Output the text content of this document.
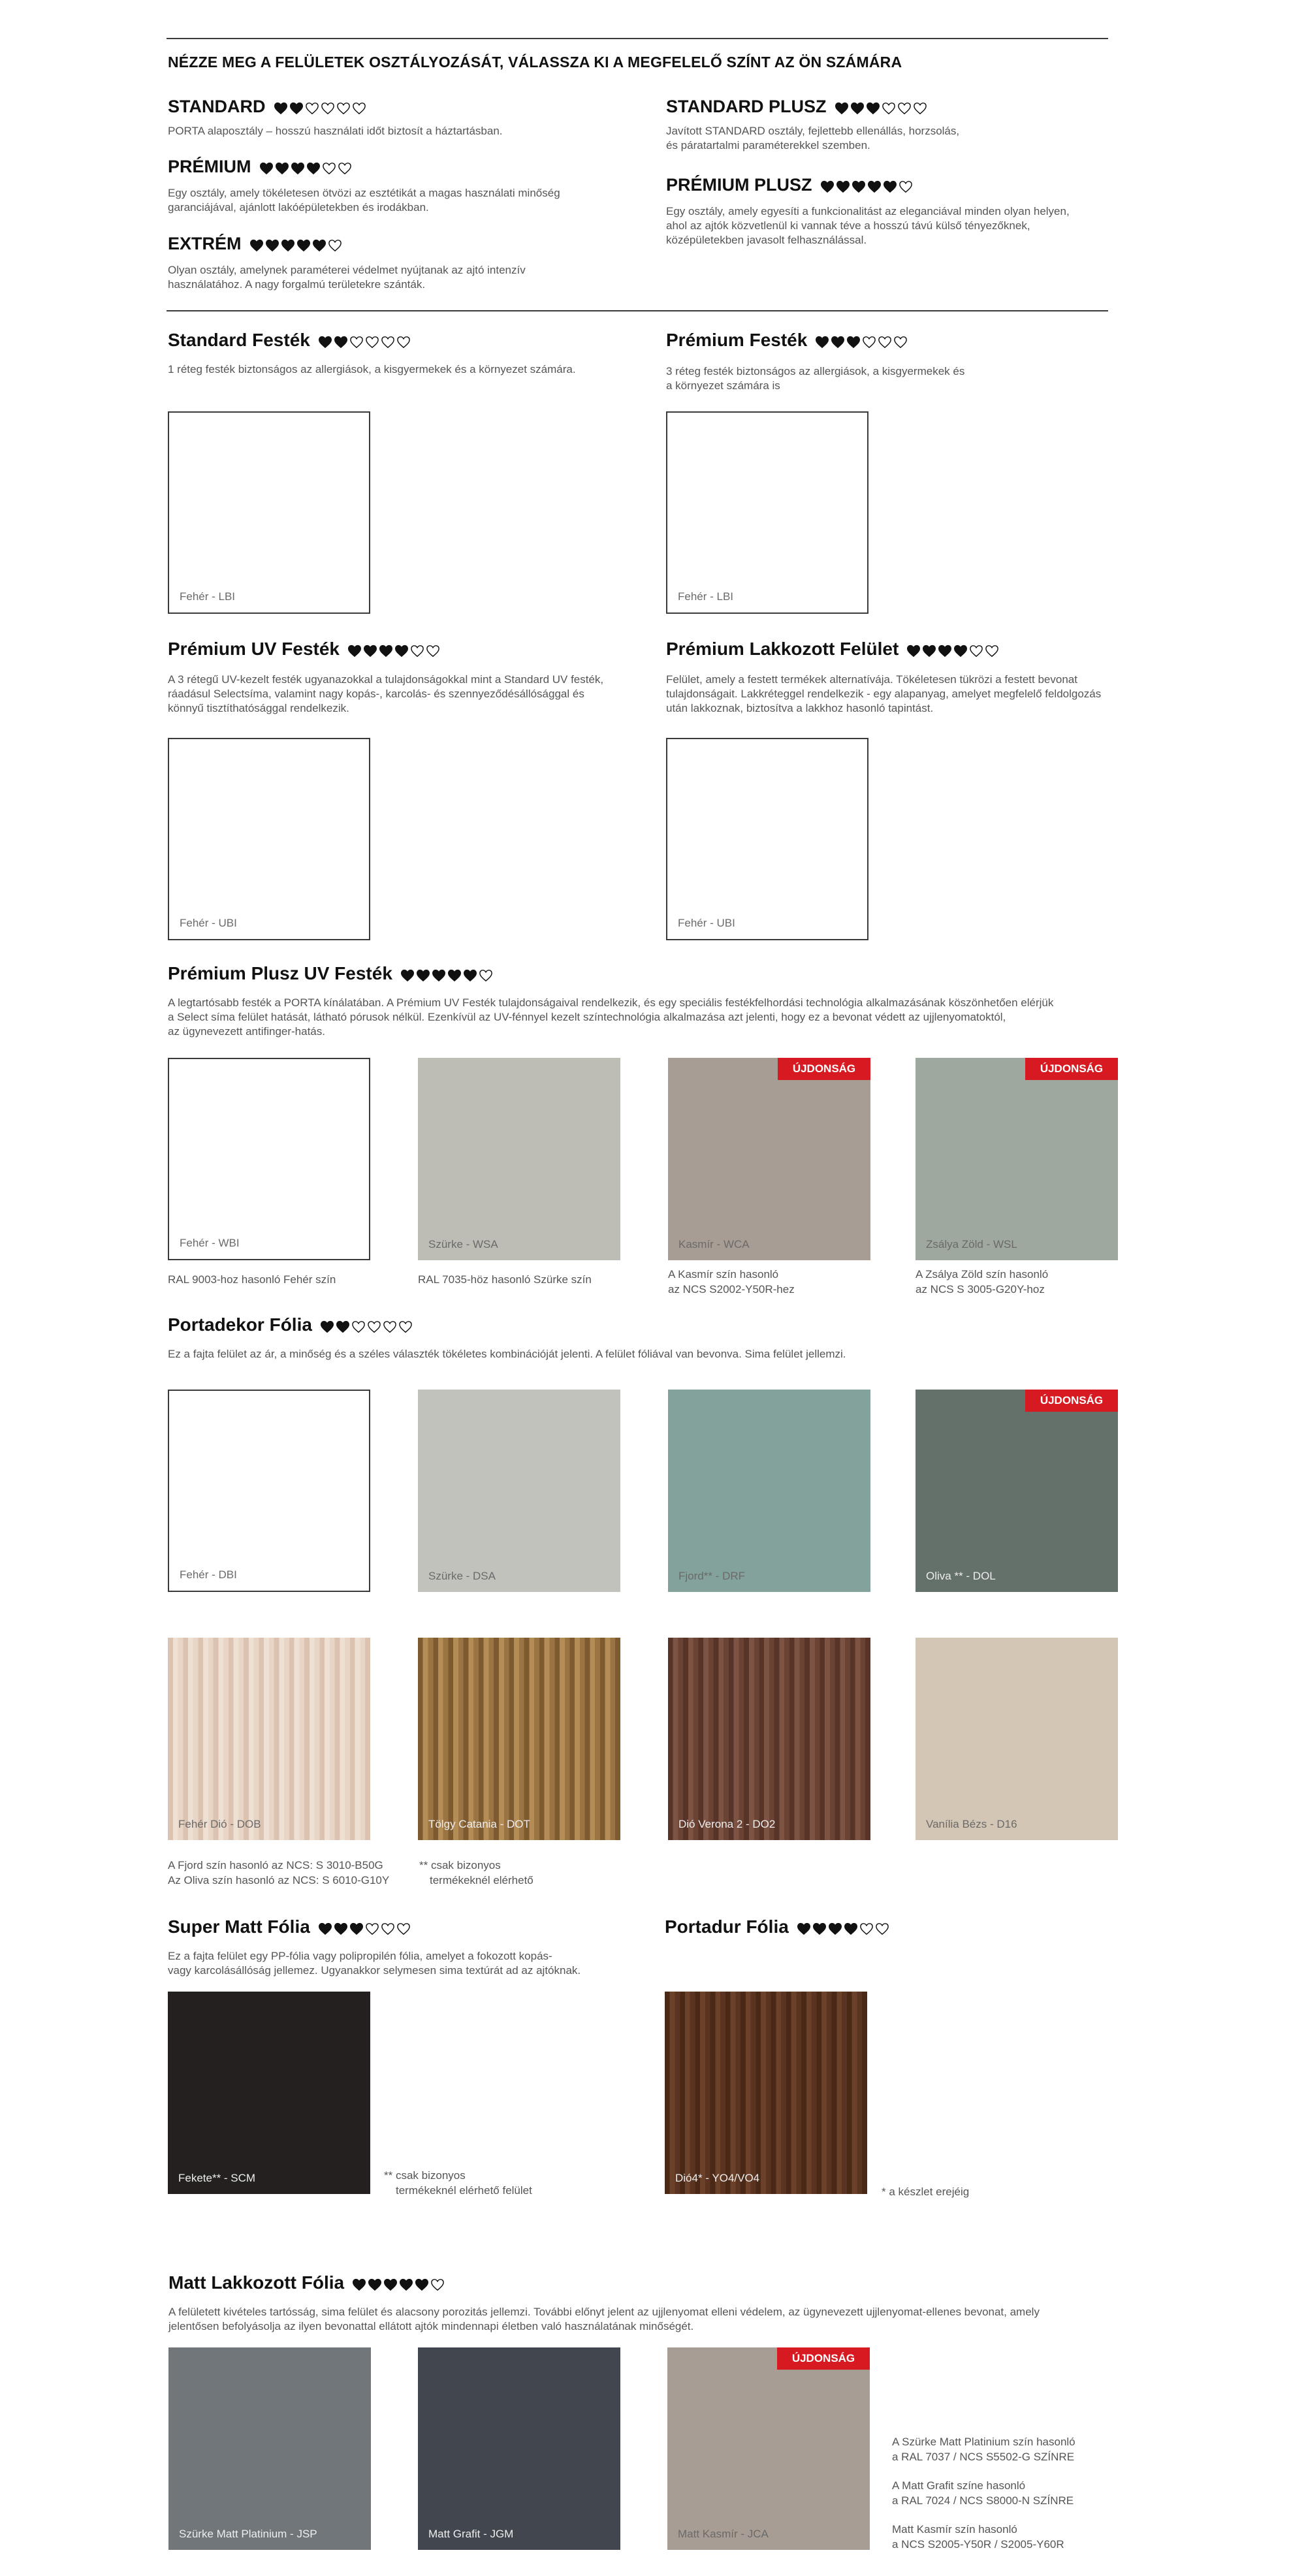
NÉZZE MEG A FELÜLETEK OSZTÁLYOZÁSÁT, VÁLASSZA KI A MEGFELELŐ SZÍNT AZ ÖN SZÁMÁRA
STANDARD
PORTA alaposztály – hosszú használati időt biztosít a háztartásban.
PRÉMIUM
Egy osztály, amely tökéletesen ötvözi az esztétikát a magas használati minőség
garanciájával, ajánlott lakóépületekben és irodákban.
EXTRÉM
Olyan osztály, amelynek paraméterei védelmet nyújtanak az ajtó intenzív
használatához. A nagy forgalmú területekre szánták.
STANDARD PLUSZ
Javított STANDARD osztály, fejlettebb ellenállás, horzsolás,
és páratartalmi paraméterekkel szemben.
PRÉMIUM PLUSZ
Egy osztály, amely egyesíti a funkcionalitást az eleganciával minden olyan helyen,
ahol az ajtók közvetlenül ki vannak téve a hosszú távú külső tényezőknek,
középületekben javasolt felhasználással.
Standard Festék
1 réteg festék biztonságos az allergiások, a kisgyermekek és a környezet számára.
Fehér - LBI
Prémium Festék
3 réteg festék biztonságos az allergiások, a kisgyermekek és
a környezet számára is
Fehér - LBI
Prémium UV Festék
A 3 rétegű UV-kezelt festék ugyanazokkal a tulajdonságokkal mint a Standard UV festék,
ráadásul Selectsíma, valamint nagy kopás-, karcolás- és szennyeződésállósággal és
könnyű tisztíthatósággal rendelkezik.
Fehér - UBI
Prémium Lakkozott Felület
Felület, amely a festett termékek alternatívája. Tökéletesen tükrözi a festett bevonat
tulajdonságait. Lakkréteggel rendelkezik - egy alapanyag, amelyet megfelelő feldolgozás
után lakkoznak, biztosítva a lakkhoz hasonló tapintást.
Fehér - UBI
Prémium Plusz UV Festék
A legtartósabb festék a PORTA kínálatában. A Prémium UV Festék tulajdonságaival rendelkezik, és egy speciális festékfelhordási technológia alkalmazásának köszönhetően elérjük
a Select síma felület hatását, látható pórusok nélkül. Ezenkívül az UV-fénnyel kezelt színtechnológia alkalmazása azt jelenti, hogy ez a bevonat védett az ujjlenyomatoktól,
az ügynevezett antifinger-hatás.
Fehér - WBI	Szürke - WSA
ÚJDONSÁG
Kasmír - WCA
ÚJDONSÁG
Zsálya Zöld - WSL
RAL 9003-hoz hasonló Fehér szín	RAL 7035-höz hasonló Szürke szín	A Kasmír szín hasonló
az NCS S2002-Y50R-hez
A Zsálya Zöld szín hasonló
az NCS S 3005-G20Y-hoz
Portadekor Fólia
Ez a fajta felület az ár, a minőség és a széles választék tökéletes kombinációját jelenti. A felület fóliával van bevonva. Sima felület jellemzi.
Fehér - DBI	Szürke - DSA	Fjord** - DRF
ÚJDONSÁG
Oliva ** - DOL
Fehér Dió - DOB	Tölgy Catania - DOT	Dió Verona 2 - DO2	Vanília Bézs - D16
A Fjord szín hasonló az NCS: S 3010-B50G
Az Oliva szín hasonló az NCS: S 6010-G10Y
** csak bizonyos
termékeknél elérhető
Super Matt Fólia
Ez a fajta felület egy PP-fólia vagy polipropilén fólia, amelyet a fokozott kopás-
vagy karcolásállóság jellemez. Ugyanakkor selymesen sima textúrát ad az ajtóknak.
Fekete** - SCM	** csak bizonyos
termékeknél elérhető felület
Portadur Fólia
Dió4* - YO4/VO4
* a készlet erejéig
Matt Lakkozott Fólia
A felületett kivételes tartósság, sima felület és alacsony porozitás jellemzi. További előnyt jelent az ujjlenyomat elleni védelem, az ügynevezett ujjlenyomat-ellenes bevonat, amely
jelentősen befolyásolja az ilyen bevonattal ellátott ajtók mindennapi életben való használatának minőségét.
Szürke Matt Platinium - JSP	Matt Grafit - JGM
ÚJDONSÁG
Matt Kasmír - JCA
A Szürke Matt Platinium szín hasonló
a RAL 7037 / NCS S5502-G SZÍNRE
A Matt Grafit színe hasonló
a RAL 7024 / NCS S8000-N SZÍNRE
Matt Kasmír szín hasonló
a NCS S2005-Y50R / S2005-Y60R
